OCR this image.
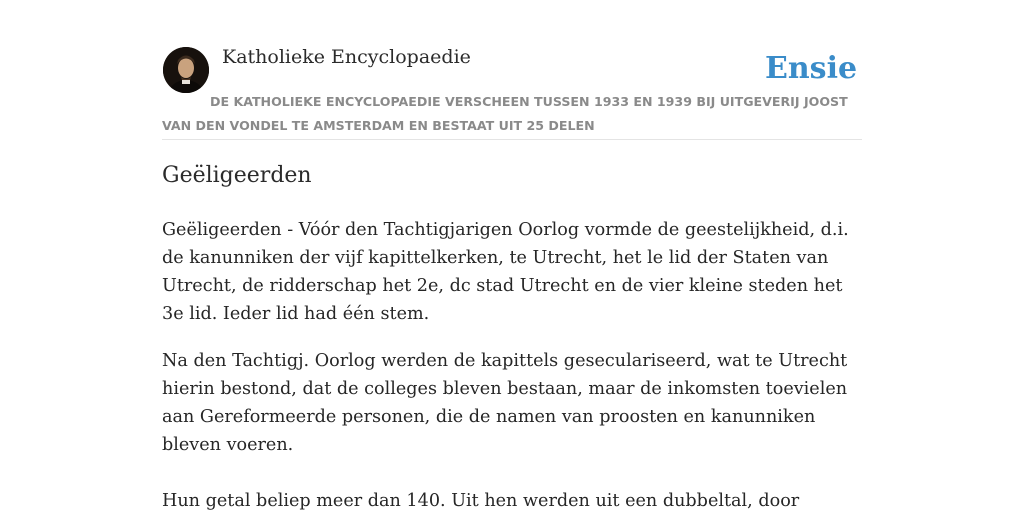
Katholieke Encyclopaedie	Ensie
DE KATHOLIEKE ENCYCLOPAEDIE VERSCHEEN TUSSEN 1933 EN 1939 BIJ UITGEVERIJ JOOST VAN DEN VONDEL TE AMSTERDAM EN BESTAAT UIT 25 DELEN
Geëligeerden

Geëligeerden - Vóór den Tachtigjarigen Oorlog vormde de geestelijkheid, d.i. de kanunniken der vijf kapittelkerken, te Utrecht, het le lid der Staten van Utrecht, de ridderschap het 2e, dc stad Utrecht en de vier kleine steden het 3e lid. Ieder lid had één stem.

Na den Tachtigj. Oorlog werden de kapittels geseculariseerd, wat te Utrecht hierin bestond, dat de colleges bleven bestaan, maar de inkomsten toevielen aan Gereformeerde personen, die de namen van proosten en kanunniken bleven voeren.

Hun getal beliep meer dan 140. Uit hen werden uit een dubbeltal, door
